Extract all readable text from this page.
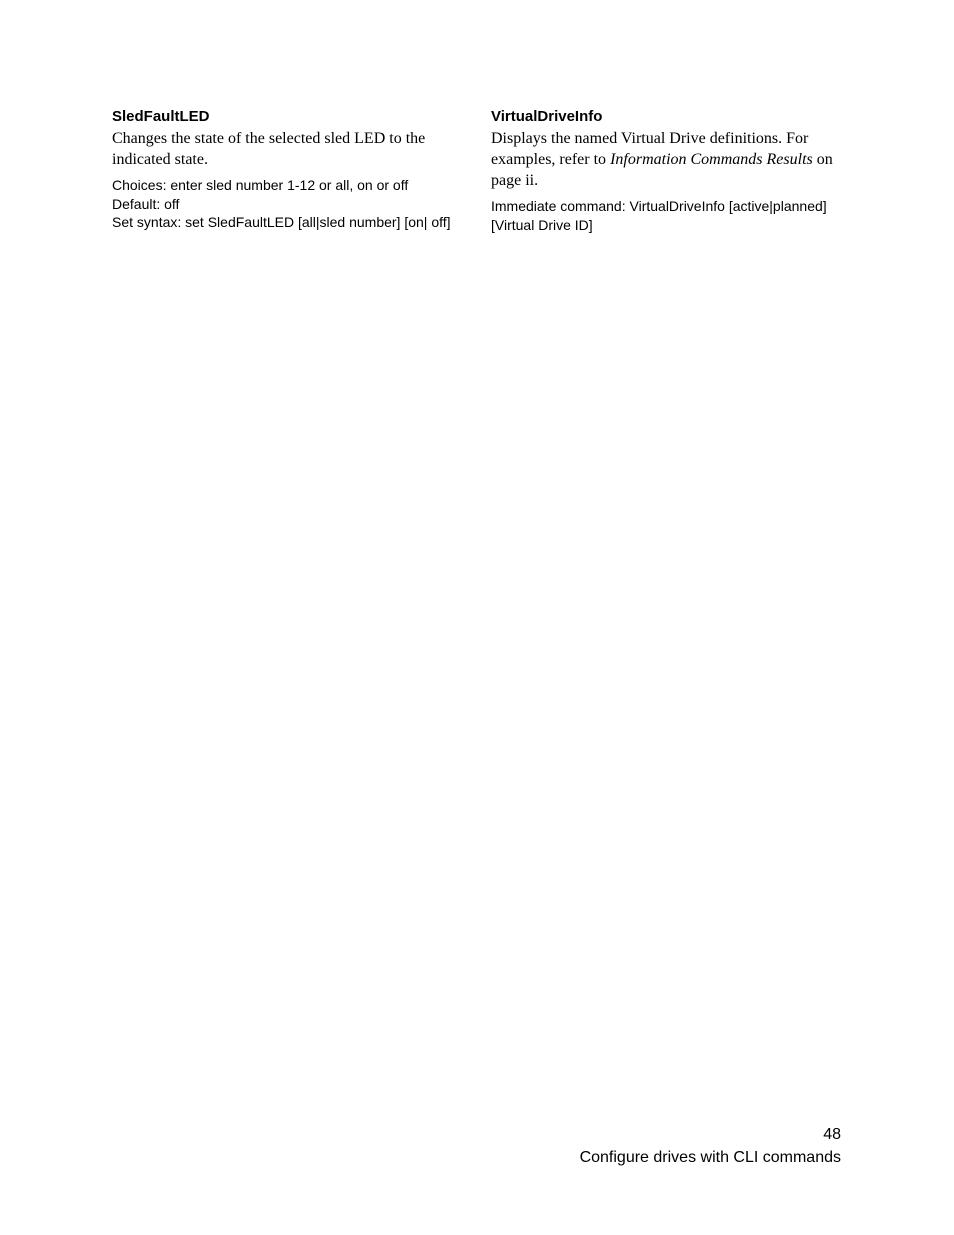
SledFaultLED

Changes the state of the selected sled LED to the indicated state.

Choices: enter sled number 1-12 or all, on or off

Default: off

Set syntax: set SledFaultLED [all|sled number] [on| off]

VirtualDriveInfo

Displays the named Virtual Drive definitions. For examples, refer to Information Commands Results on page ii.

Immediate command: VirtualDriveInfo [active|planned]

[Virtual Drive ID]

48
Configure drives with CLI commands
